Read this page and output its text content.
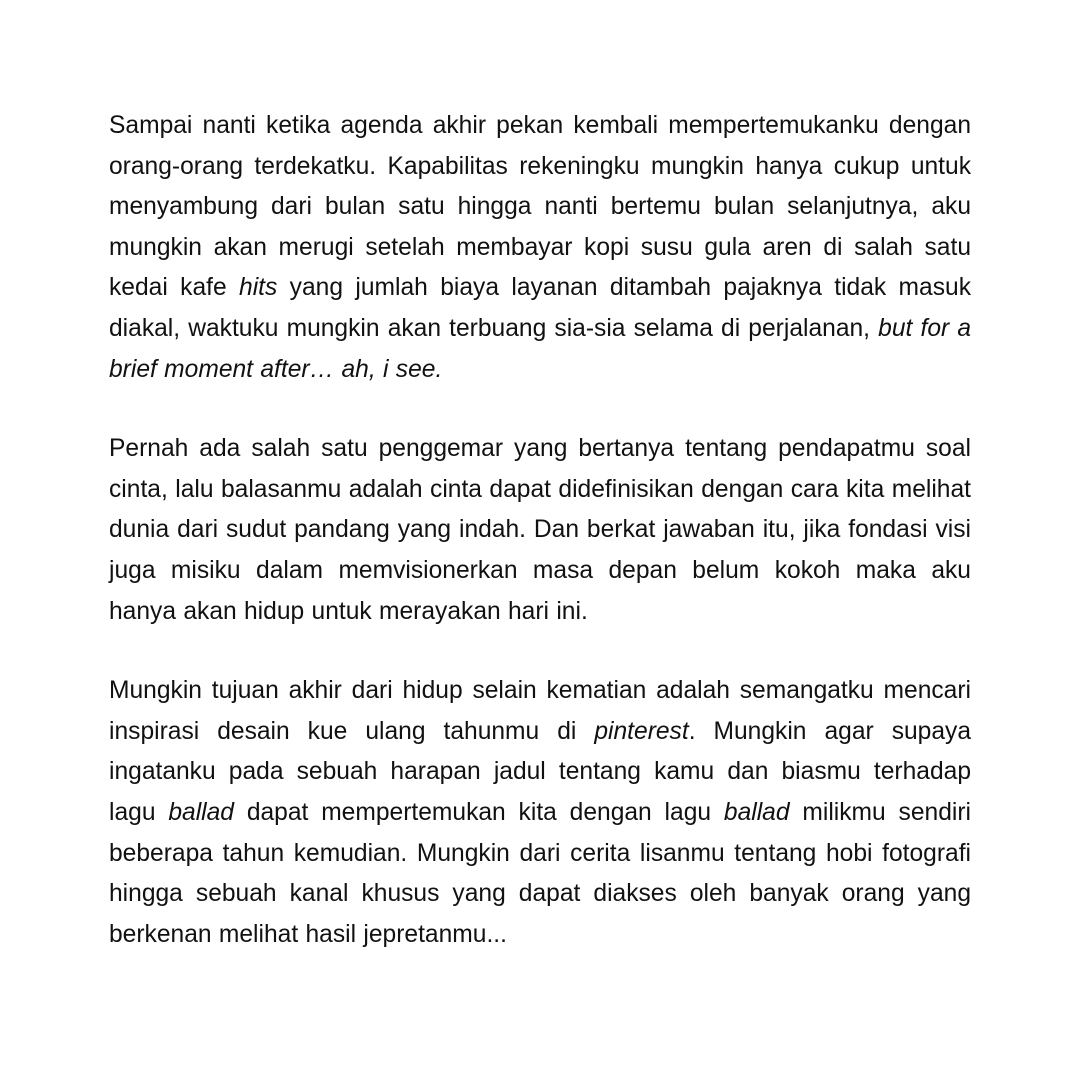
Sampai nanti ketika agenda akhir pekan kembali mempertemukanku dengan orang-orang terdekatku. Kapabilitas rekeningku mungkin hanya cukup untuk menyambung dari bulan satu hingga nanti bertemu bulan selanjutnya, aku mungkin akan merugi setelah membayar kopi susu gula aren di salah satu kedai kafe hits yang jumlah biaya layanan ditambah pajaknya tidak masuk diakal, waktuku mungkin akan terbuang sia-sia selama di perjalanan, but for a brief moment after… ah, i see.

Pernah ada salah satu penggemar yang bertanya tentang pendapatmu soal cinta, lalu balasanmu adalah cinta dapat didefinisikan dengan cara kita melihat dunia dari sudut pandang yang indah. Dan berkat jawaban itu, jika fondasi visi juga misiku dalam memvisionerkan masa depan belum kokoh maka aku hanya akan hidup untuk merayakan hari ini.

Mungkin tujuan akhir dari hidup selain kematian adalah semangatku mencari inspirasi desain kue ulang tahunmu di pinterest. Mungkin agar supaya ingatanku pada sebuah harapan jadul tentang kamu dan biasmu terhadap lagu ballad dapat mempertemukan kita dengan lagu ballad milikmu sendiri beberapa tahun kemudian. Mungkin dari cerita lisanmu tentang hobi fotografi hingga sebuah kanal khusus yang dapat diakses oleh banyak orang yang berkenan melihat hasil jepretanmu...
